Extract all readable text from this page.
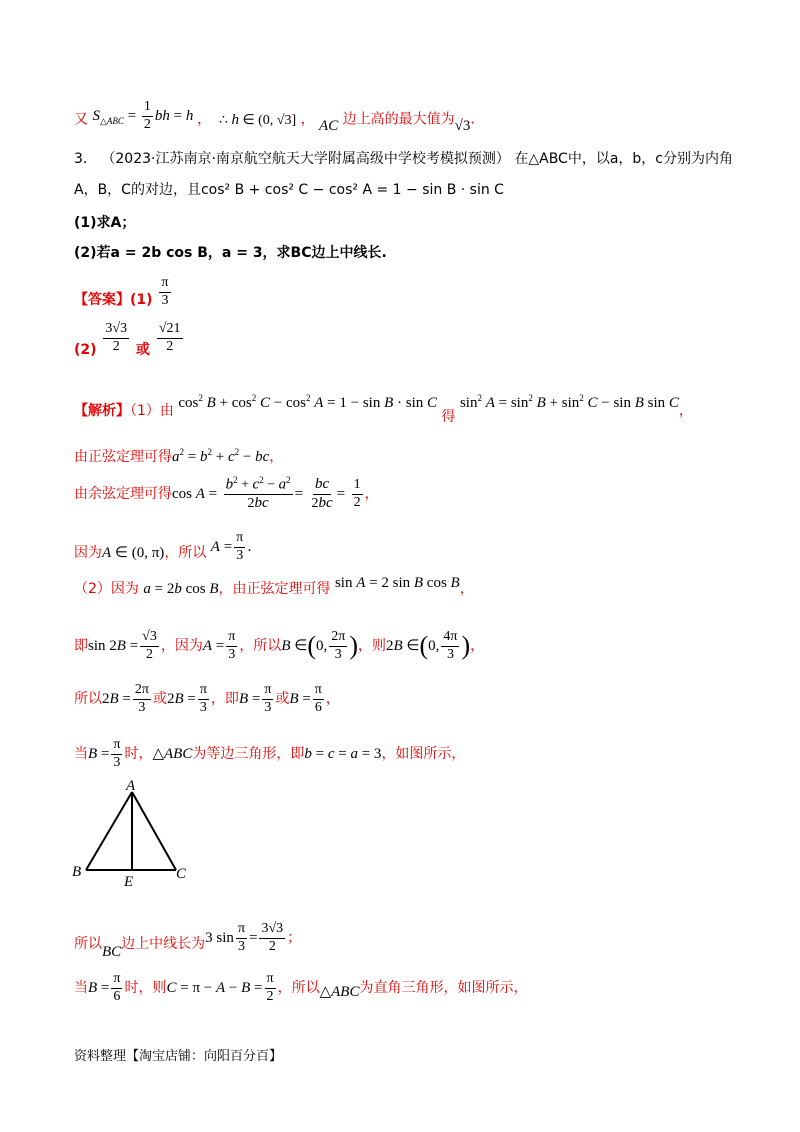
又 $S_{\triangle ABC} = \frac{1}{2}$ bh = h ，  ∴ h ∈ (0, √3] ， AC 边上高的最大值为√3.
3． （2023·江苏南京·南京航空航天大学附属高级中学校考模拟预测） 在△ABC中，以a，b，c分别为内角
A，B，C的对边，且cos² B + cos² C − cos² A = 1 − sin B · sin C
(1)求A；
(2)若a = 2b cos B，a = 3，求BC边上中线长.
【答案】$(1) \frac{\pi}{3}$
$(2) \frac{3√3}{2}$ 或 $\frac{√21}{2}$
【解析】（1）由 $\cos^2 B + \cos^2 C - \cos^2 A = 1 - \sin B \cdot \sin C$ 得 $\sin^2 A = \sin^2 B + \sin^2 C - \sin B$ sin C，
由正弦定理可得$a^2 = b^2 + c^2$ − bc，
由余弦定理可得$\cos A = \frac{b^2 + c^2 - a^2}{2bc} = \frac{bc}{2bc} = \frac{1}{2}$ ，
因为A ∈ (0, π)，所以 $A = \frac{\pi}{3}$ .
（2）因为 a = 2b cos B，由正弦定理可得 sin A = 2 sin B cos B，
即$\sin 2B = \frac{√3}{2}$ ，因为$A = \frac{\pi}{3}$ ，所以B ∈(0, $\frac{2\pi}{3}$ )，则2B ∈(0, $\frac{4\pi}{3}$ )，
所以$2B = \frac{2\pi}{3}$ 或$2B = \frac{\pi}{3}$ ，即$B = \frac{\pi}{3}$ 或$B = \frac{\pi}{6}$ ，
当$B = \frac{\pi}{3}$ 时，△ABC为等边三角形，即b = c = a = 3，如图所示，
A
B	C
E
所以BC边上中线长为3 $\sin \frac{\pi}{3} = \frac{3√3}{2}$ ；
当$B = \frac{\pi}{6}$ 时，则$C = \pi - A - B = \frac{\pi}{2}$ ，所以△ABC为直角三角形，如图所示，
资料整理【淘宝店铺：向阳百分百】
